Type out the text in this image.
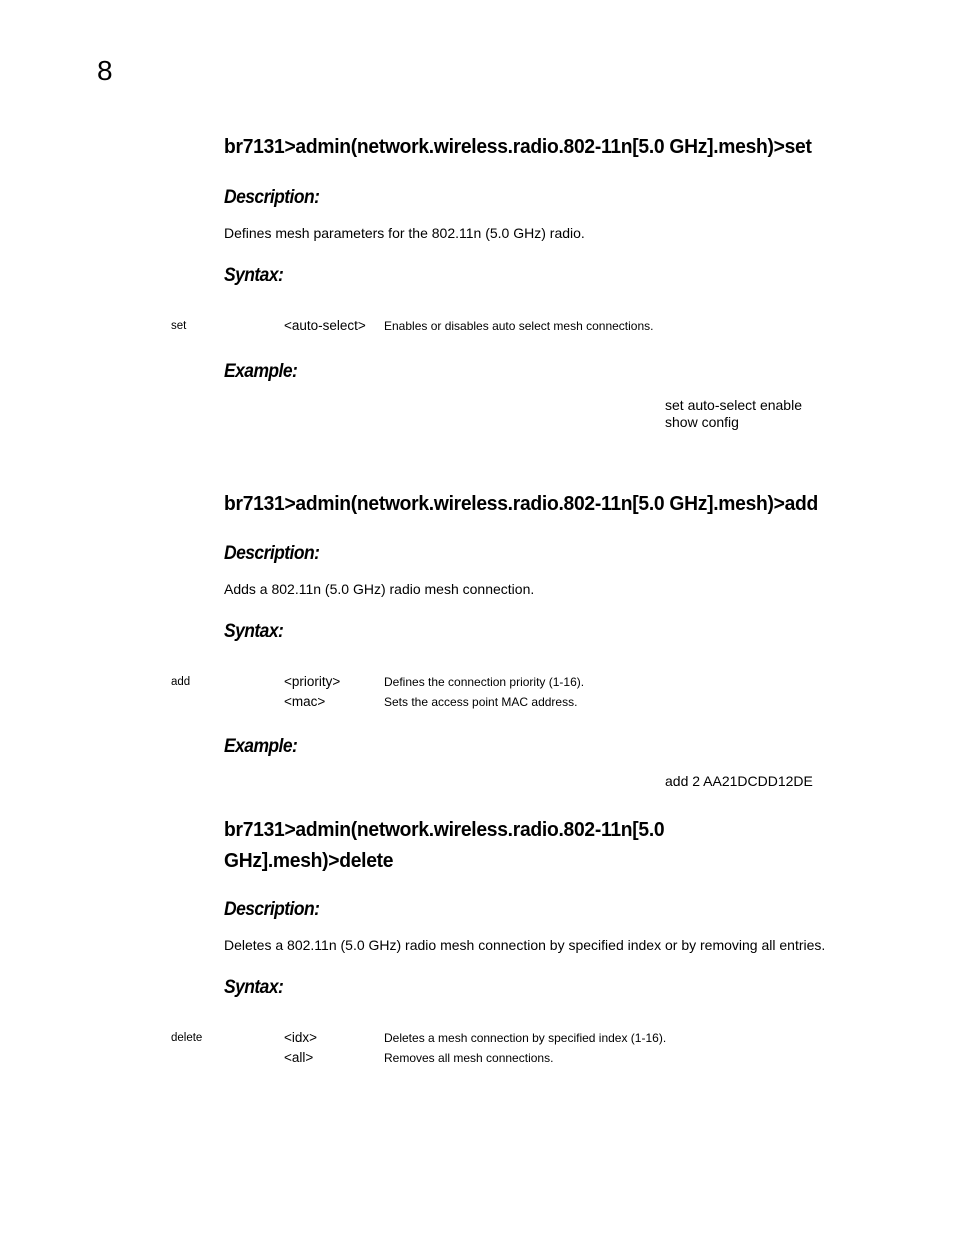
8
br7131>admin(network.wireless.radio.802-11n[5.0 GHz].mesh)>set
Description:
Defines mesh parameters for the 802.11n (5.0 GHz) radio.
Syntax:
set	<auto-select> Enables or disables auto select mesh connections.
Example:
set auto-select enable
show config
br7131>admin(network.wireless.radio.802-11n[5.0 GHz].mesh)>add
Description:
Adds a 802.11n (5.0 GHz) radio mesh connection.
Syntax:
add	<priority>	Defines the connection priority (1-16).
<mac>	Sets the access point MAC address.
Example:
add 2 AA21DCDD12DE
br7131>admin(network.wireless.radio.802-11n[5.0
GHz].mesh)>delete
Description:
Deletes a 802.11n (5.0 GHz) radio mesh connection by specified index or by removing all entries.
Syntax:
delete	<idx>	Deletes a mesh connection by specified index (1-16).
<all>	Removes all mesh connections.
